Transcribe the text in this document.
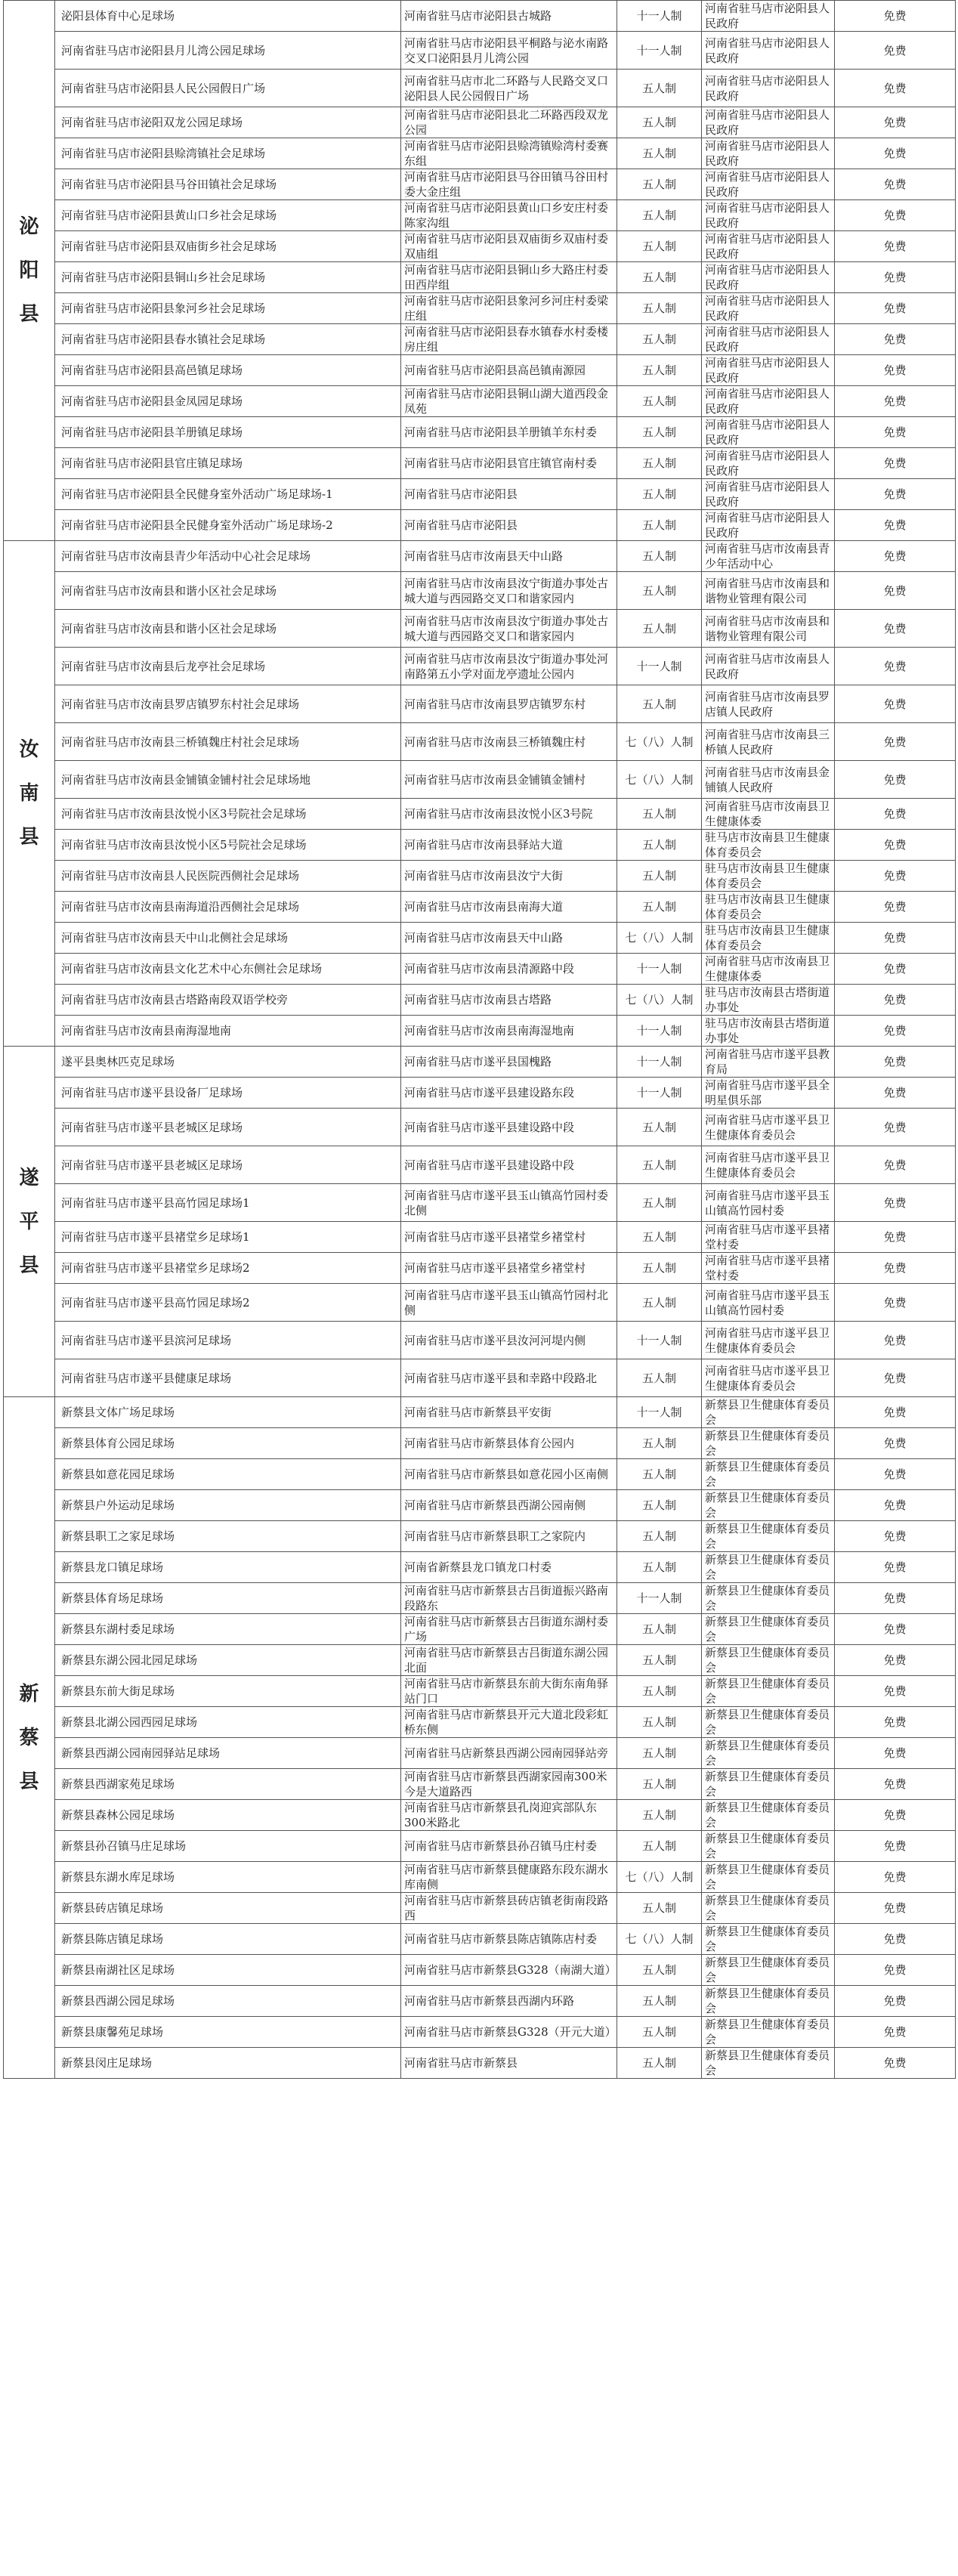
泌
阳
县	泌阳县体育中心足球场	河南省驻马店市泌阳县古城路	十一人制	河南省驻马店市泌阳县人民政府	免费
	河南省驻马店市泌阳县月儿湾公园足球场	河南省驻马店市泌阳县平桐路与泌水南路交叉口泌阳县月儿湾公园	十一人制	河南省驻马店市泌阳县人民政府	免费
	河南省驻马店市泌阳县人民公园假日广场	河南省驻马店市北二环路与人民路交叉口泌阳县人民公园假日广场	五人制	河南省驻马店市泌阳县人民政府	免费
	河南省驻马店市泌阳双龙公园足球场	河南省驻马店市泌阳县北二环路西段双龙公园	五人制	河南省驻马店市泌阳县人民政府	免费
	河南省驻马店市泌阳县赊湾镇社会足球场	河南省驻马店市泌阳县赊湾镇赊湾村委赛东组	五人制	河南省驻马店市泌阳县人民政府	免费
	河南省驻马店市泌阳县马谷田镇社会足球场	河南省驻马店市泌阳县马谷田镇马谷田村委大金庄组	五人制	河南省驻马店市泌阳县人民政府	免费
	河南省驻马店市泌阳县黄山口乡社会足球场	河南省驻马店市泌阳县黄山口乡安庄村委陈家沟组	五人制	河南省驻马店市泌阳县人民政府	免费
	河南省驻马店市泌阳县双庙街乡社会足球场	河南省驻马店市泌阳县双庙街乡双庙村委双庙组	五人制	河南省驻马店市泌阳县人民政府	免费
	河南省驻马店市泌阳县铜山乡社会足球场	河南省驻马店市泌阳县铜山乡大路庄村委田西岸组	五人制	河南省驻马店市泌阳县人民政府	免费
	河南省驻马店市泌阳县象河乡社会足球场	河南省驻马店市泌阳县象河乡河庄村委梁庄组	五人制	河南省驻马店市泌阳县人民政府	免费
	河南省驻马店市泌阳县春水镇社会足球场	河南省驻马店市泌阳县春水镇春水村委楼房庄组	五人制	河南省驻马店市泌阳县人民政府	免费
	河南省驻马店市泌阳县高邑镇足球场	河南省驻马店市泌阳县高邑镇南源园	五人制	河南省驻马店市泌阳县人民政府	免费
	河南省驻马店市泌阳县金凤园足球场	河南省驻马店市泌阳县铜山湖大道西段金凤苑	五人制	河南省驻马店市泌阳县人民政府	免费
	河南省驻马店市泌阳县羊册镇足球场	河南省驻马店市泌阳县羊册镇羊东村委	五人制	河南省驻马店市泌阳县人民政府	免费
	河南省驻马店市泌阳县官庄镇足球场	河南省驻马店市泌阳县官庄镇官南村委	五人制	河南省驻马店市泌阳县人民政府	免费
	河南省驻马店市泌阳县全民健身室外活动广场足球场-1	河南省驻马店市泌阳县	五人制	河南省驻马店市泌阳县人民政府	免费
	河南省驻马店市泌阳县全民健身室外活动广场足球场-2	河南省驻马店市泌阳县	五人制	河南省驻马店市泌阳县人民政府	免费

汝
南
县	河南省驻马店市汝南县青少年活动中心社会足球场	河南省驻马店市汝南县天中山路	五人制	河南省驻马店市汝南县青少年活动中心	免费
	河南省驻马店市汝南县和谐小区社会足球场	河南省驻马店市汝南县汝宁街道办事处古城大道与西园路交叉口和谐家园内	五人制	河南省驻马店市汝南县和谐物业管理有限公司	免费
	河南省驻马店市汝南县和谐小区社会足球场	河南省驻马店市汝南县汝宁街道办事处古城大道与西园路交叉口和谐家园内	五人制	河南省驻马店市汝南县和谐物业管理有限公司	免费
	河南省驻马店市汝南县后龙亭社会足球场	河南省驻马店市汝南县汝宁街道办事处河南路第五小学对面龙亭遗址公园内	十一人制	河南省驻马店市汝南县人民政府	免费
	河南省驻马店市汝南县罗店镇罗东村社会足球场	河南省驻马店市汝南县罗店镇罗东村	五人制	河南省驻马店市汝南县罗店镇人民政府	免费
	河南省驻马店市汝南县三桥镇魏庄村社会足球场	河南省驻马店市汝南县三桥镇魏庄村	七（八）人制	河南省驻马店市汝南县三桥镇人民政府	免费
	河南省驻马店市汝南县金铺镇金铺村社会足球场地	河南省驻马店市汝南县金铺镇金铺村	七（八）人制	河南省驻马店市汝南县金铺镇人民政府	免费
	河南省驻马店市汝南县汝悦小区3号院社会足球场	河南省驻马店市汝南县汝悦小区3号院	五人制	河南省驻马店市汝南县卫生健康体委	免费
	河南省驻马店市汝南县汝悦小区5号院社会足球场	河南省驻马店市汝南县驿站大道	五人制	驻马店市汝南县卫生健康体育委员会	免费
	河南省驻马店市汝南县人民医院西侧社会足球场	河南省驻马店市汝南县汝宁大街	五人制	驻马店市汝南县卫生健康体育委员会	免费
	河南省驻马店市汝南县南海道沿西侧社会足球场	河南省驻马店市汝南县南海大道	五人制	驻马店市汝南县卫生健康体育委员会	免费
	河南省驻马店市汝南县天中山北侧社会足球场	河南省驻马店市汝南县天中山路	七（八）人制	驻马店市汝南县卫生健康体育委员会	免费
	河南省驻马店市汝南县文化艺术中心东侧社会足球场	河南省驻马店市汝南县清源路中段	十一人制	河南省驻马店市汝南县卫生健康体委	免费
	河南省驻马店市汝南县古塔路南段双语学校旁	河南省驻马店市汝南县古塔路	七（八）人制	驻马店市汝南县古塔街道办事处	免费
	河南省驻马店市汝南县南海湿地南	河南省驻马店市汝南县南海湿地南	十一人制	驻马店市汝南县古塔街道办事处	免费

遂
平
县	遂平县奥林匹克足球场	河南省驻马店市遂平县国槐路	十一人制	河南省驻马店市遂平县教育局	免费
	河南省驻马店市遂平县设备厂足球场	河南省驻马店市遂平县建设路东段	十一人制	河南省驻马店市遂平县全明星俱乐部	免费
	河南省驻马店市遂平县老城区足球场	河南省驻马店市遂平县建设路中段	五人制	河南省驻马店市遂平县卫生健康体育委员会	免费
	河南省驻马店市遂平县老城区足球场	河南省驻马店市遂平县建设路中段	五人制	河南省驻马店市遂平县卫生健康体育委员会	免费
	河南省驻马店市遂平县高竹园足球场1	河南省驻马店市遂平县玉山镇高竹园村委北侧	五人制	河南省驻马店市遂平县玉山镇高竹园村委	免费
	河南省驻马店市遂平县褚堂乡足球场1	河南省驻马店市遂平县褚堂乡褚堂村	五人制	河南省驻马店市遂平县褚堂村委	免费
	河南省驻马店市遂平县褚堂乡足球场2	河南省驻马店市遂平县褚堂乡褚堂村	五人制	河南省驻马店市遂平县褚堂村委	免费
	河南省驻马店市遂平县高竹园足球场2	河南省驻马店市遂平县玉山镇高竹园村北侧	五人制	河南省驻马店市遂平县玉山镇高竹园村委	免费
	河南省驻马店市遂平县滨河足球场	河南省驻马店市遂平县汝河河堤内侧	十一人制	河南省驻马店市遂平县卫生健康体育委员会	免费
	河南省驻马店市遂平县健康足球场	河南省驻马店市遂平县和幸路中段路北	五人制	河南省驻马店市遂平县卫生健康体育委员会	免费

新
蔡
县	新蔡县文体广场足球场	河南省驻马店市新蔡县平安街	十一人制	新蔡县卫生健康体育委员会	免费
	新蔡县体育公园足球场	河南省驻马店市新蔡县体育公园内	五人制	新蔡县卫生健康体育委员会	免费
	新蔡县如意花园足球场	河南省驻马店市新蔡县如意花园小区南侧	五人制	新蔡县卫生健康体育委员会	免费
	新蔡县户外运动足球场	河南省驻马店市新蔡县西湖公园南侧	五人制	新蔡县卫生健康体育委员会	免费
	新蔡县职工之家足球场	河南省驻马店市新蔡县职工之家院内	五人制	新蔡县卫生健康体育委员会	免费
	新蔡县龙口镇足球场	河南省新蔡县龙口镇龙口村委	五人制	新蔡县卫生健康体育委员会	免费
	新蔡县体育场足球场	河南省驻马店市新蔡县古吕街道振兴路南段路东	十一人制	新蔡县卫生健康体育委员会	免费
	新蔡县东湖村委足球场	河南省驻马店市新蔡县古吕街道东湖村委广场	五人制	新蔡县卫生健康体育委员会	免费
	新蔡县东湖公园北园足球场	河南省驻马店市新蔡县古吕街道东湖公园北面	五人制	新蔡县卫生健康体育委员会	免费
	新蔡县东前大街足球场	河南省驻马店市新蔡县东前大街东南角驿站门口	五人制	新蔡县卫生健康体育委员会	免费
	新蔡县北湖公园西园足球场	河南省驻马店市新蔡县开元大道北段彩虹桥东侧	五人制	新蔡县卫生健康体育委员会	免费
	新蔡县西湖公园南园驿站足球场	河南省驻马店新蔡县西湖公园南园驿站旁	五人制	新蔡县卫生健康体育委员会	免费
	新蔡县西湖家苑足球场	河南省驻马店市新蔡县西湖家园南300米今是大道路西	五人制	新蔡县卫生健康体育委员会	免费
	新蔡县森林公园足球场	河南省驻马店市新蔡县孔岗迎宾部队东300米路北	五人制	新蔡县卫生健康体育委员会	免费
	新蔡县孙召镇马庄足球场	河南省驻马店市新蔡县孙召镇马庄村委	五人制	新蔡县卫生健康体育委员会	免费
	新蔡县东湖水库足球场	河南省驻马店市新蔡县健康路东段东湖水库南侧	七（八）人制	新蔡县卫生健康体育委员会	免费
	新蔡县砖店镇足球场	河南省驻马店市新蔡县砖店镇老街南段路西	五人制	新蔡县卫生健康体育委员会	免费
	新蔡县陈店镇足球场	河南省驻马店市新蔡县陈店镇陈店村委	七（八）人制	新蔡县卫生健康体育委员会	免费
	新蔡县南湖社区足球场	河南省驻马店市新蔡县G328（南湖大道）	五人制	新蔡县卫生健康体育委员会	免费
	新蔡县西湖公园足球场	河南省驻马店市新蔡县西湖内环路	五人制	新蔡县卫生健康体育委员会	免费
	新蔡县康馨苑足球场	河南省驻马店市新蔡县G328（开元大道）	五人制	新蔡县卫生健康体育委员会	免费
	新蔡县闵庄足球场	河南省驻马店市新蔡县	五人制	新蔡县卫生健康体育委员会	免费
